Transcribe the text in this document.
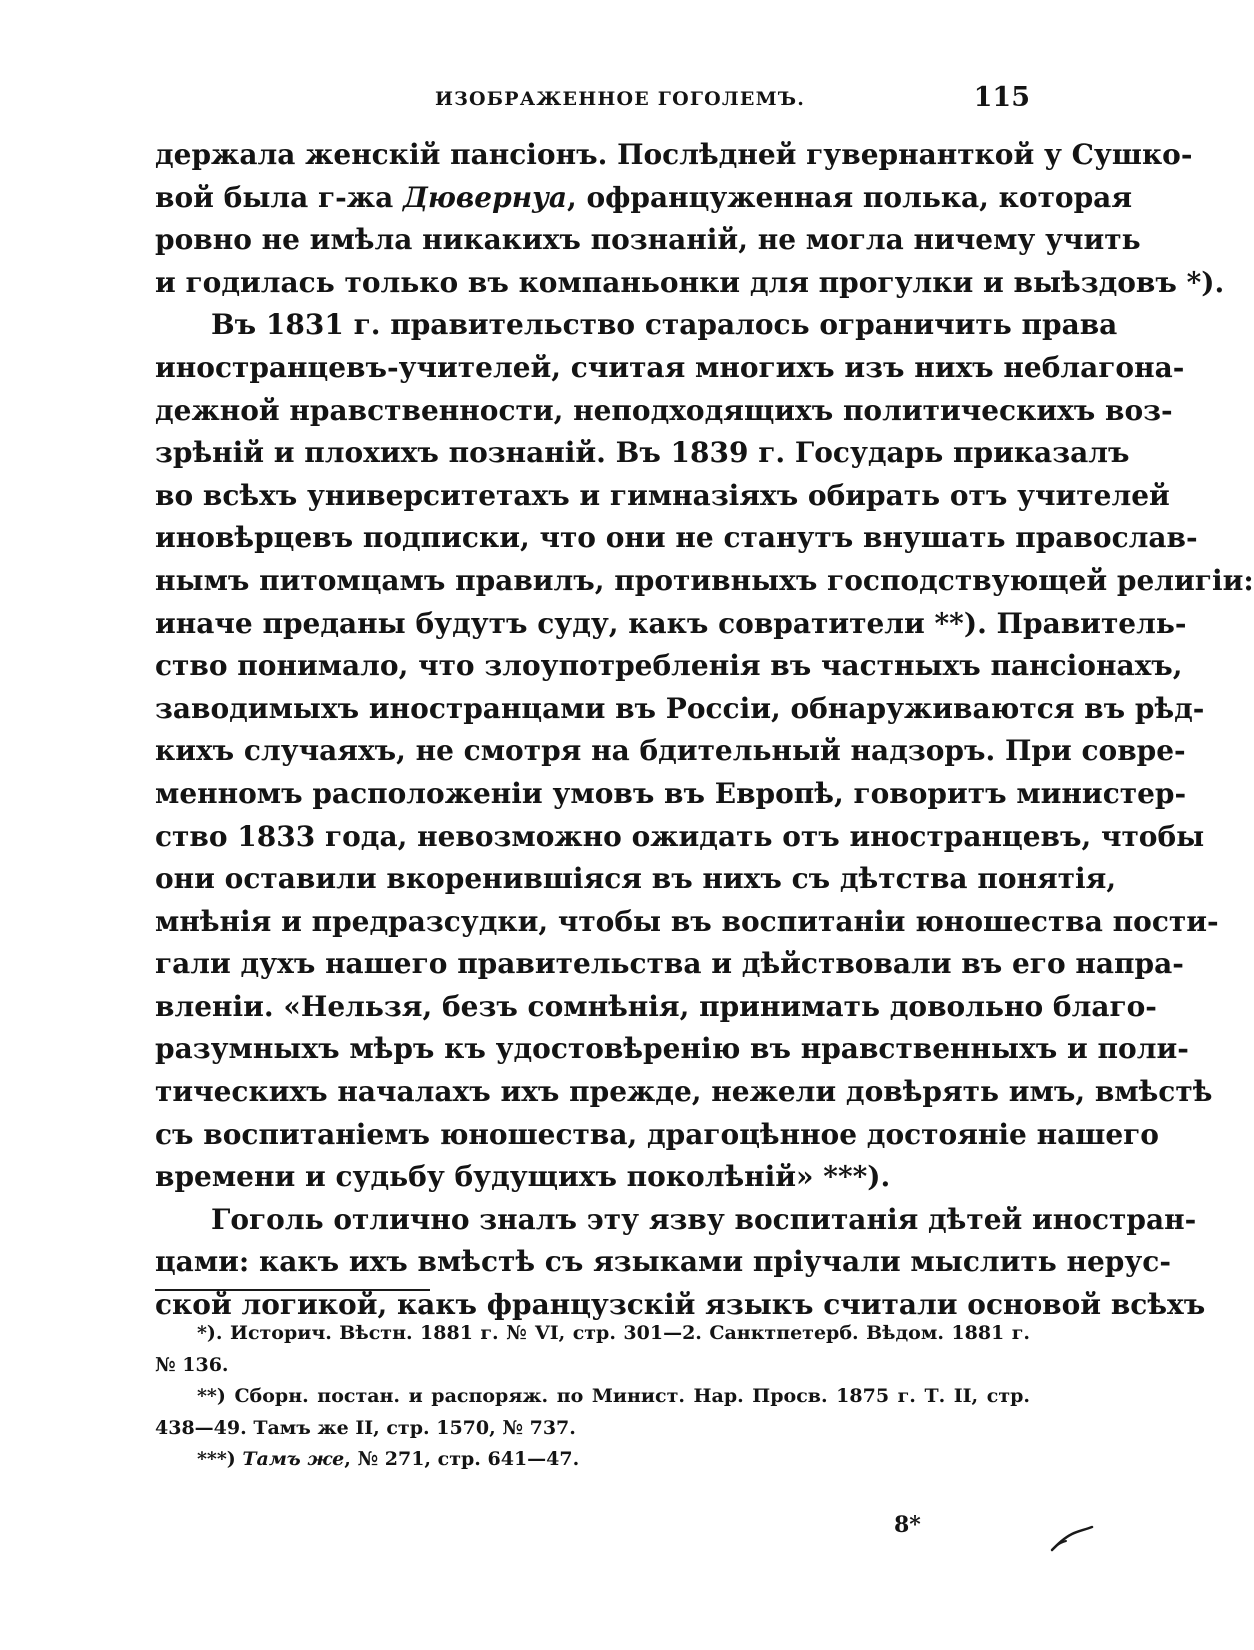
ИЗОБРАЖЕННОЕ ГОГОЛЕМЪ.	115
держала женскій пансіонъ. Послѣдней гувернанткой у Сушко-
вой была г-жа Дювернуа, офранцуженная полька, которая
ровно не имѣла никакихъ познаній, не могла ничему учить
и годилась только въ компаньонки для прогулки и выѣздовъ *).
Въ 1831 г. правительство старалось ограничить права
иностранцевъ-учителей, считая многихъ изъ нихъ неблагона-
дежной нравственности, неподходящихъ политическихъ воз-
зрѣній и плохихъ познаній. Въ 1839 г. Государь приказалъ
во всѣхъ университетахъ и гимназіяхъ обирать отъ учителей
иновѣрцевъ подписки, что они не станутъ внушать православ-
нымъ питомцамъ правилъ, противныхъ господствующей религіи:
иначе преданы будутъ суду, какъ совратители **). Правитель-
ство понимало, что злоупотребленія въ частныхъ пансіонахъ,
заводимыхъ иностранцами въ Россіи, обнаруживаются въ рѣд-
кихъ случаяхъ, не смотря на бдительный надзоръ. При совре-
менномъ расположеніи умовъ въ Европѣ, говоритъ министер-
ство 1833 года, невозможно ожидать отъ иностранцевъ, чтобы
они оставили вкоренившіяся въ нихъ съ дѣтства понятія,
мнѣнія и предразсудки, чтобы въ воспитаніи юношества пости-
гали духъ нашего правительства и дѣйствовали въ его напра-
вленіи. «Нельзя, безъ сомнѣнія, принимать довольно благо-
разумныхъ мѣръ къ удостовѣренію въ нравственныхъ и поли-
тическихъ началахъ ихъ прежде, нежели довѣрять имъ, вмѣстѣ
съ воспитаніемъ юношества, драгоцѣнное достояніе нашего
времени и судьбу будущихъ поколѣній» ***).
Гоголь отлично зналъ эту язву воспитанія дѣтей иностран-
цами: какъ ихъ вмѣстѣ съ языками пріучали мыслить нерус-
ской логикой, какъ французскій языкъ считали основой всѣхъ
*). Историч. Вѣстн. 1881 г. № VI, стр. 301—2. Санктпетерб. Вѣдом. 1881 г.
№ 136.
**) Сборн. постан. и распоряж. по Минист. Нар. Просв. 1875 г. Т. II, стр.
438—49. Тамъ же II, стр. 1570, № 737.
***) Тамъ же, № 271, стр. 641—47.
8*
